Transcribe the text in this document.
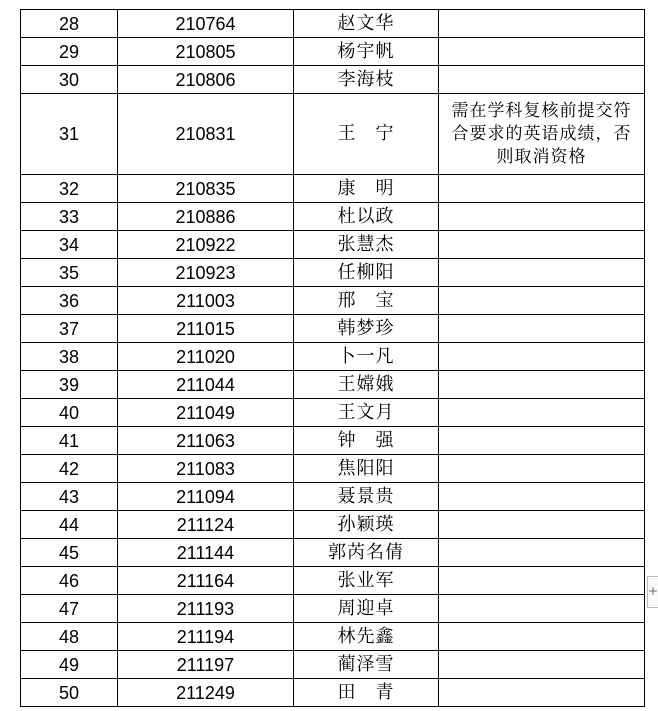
28	210764	赵文华	

29	210805	杨宇帆	

30	210806	李海枝	

31	210831	王　宁	需在学科复核前提交符合要求的英语成绩，否则取消资格

32	210835	康　明	

33	210886	杜以政	

34	210922	张慧杰	

35	210923	任柳阳	

36	211003	邢　宝	

37	211015	韩梦珍	

38	211020	卜一凡	

39	211044	王嫦娥	

40	211049	王文月	

41	211063	钟　强	

42	211083	焦阳阳	

43	211094	聂景贵	

44	211124	孙颖瑛	

45	211144	郭芮名倩	

46	211164	张业军	

47	211193	周迎卓	

48	211194	林先鑫	

49	211197	蔺泽雪	

50	211249	田　青	
+
